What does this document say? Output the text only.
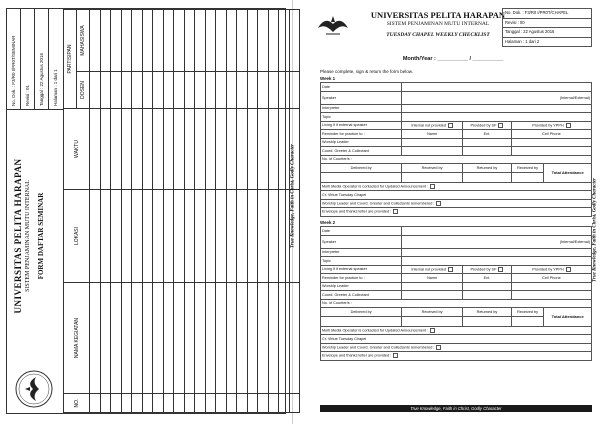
UNIVERSITAS PELITA HARAPAN SISTEM PENJAMINAN MUTU INTERNAL FORM DAFTAR SEMINAR
No. Dok. : F3/R0 I/PR0T/SEMINAR	Revisi : 01	Tanggal : 22 Agustus 2016	Halaman : 1 dari 1
NO.	NAMA KEGIATAN	LOKASI	WAKTU	PARTISIPAN	
				DOSEN	MAHASISWA

True Knowledge, Faith in Christ, Godly Character
UNIVERSITAS PELITA HARAPAN
SISTEM PENJAMINAN MUTU INTERNAL
TUESDAY CHAPEL WEEKLY CHECKLIST
No. Dok. : F3/R0 I/PR0T/CHAPEL
Revisi : 00
Tanggal : 22 Agustus 2016
Halaman : 1 dari 2
Month/Year : __________ / __________
Please complete, sign & return the form below.
Week 1
Date				
Speaker	(Internal/External)			
Interpreter				
Topic				
Living if if external speaker	Internal not provided	Provided by SF	Provided by YPPH	
Reminder for practice to :	Name	Ext.	Cell Phone	
Worship Leader				
Coord. Greeter & Collectant				
No. of Counter/s :				
Delivered by	Received by	Returned by	Received by	Total Attendance

Multi Media Operator is contacted for Updated Announcement :				
Cr. Virtue Tuesday Chapel				
Worship Leader and Coord. Greeter and Collectants remembered :				
Envelope and thanks letter are provided :				
Week 2
Date				
Speaker	(Internal/External)			
Interpreter				
Topic				
Living if if external speaker	Internal not provided	Provided by SF	Provided by YPPH	
Reminder for practice to :	Name	Ext.	Cell Phone	
Worship Leader				
Coord. Greeter & Collectant				
No. of Counter/s :				
Delivered by	Received by	Returned by	Received by	Total Attendance

Multi Media Operator is contacted for Updated Announcement :				
Cr. Virtue Tuesday Chapel				
Worship Leader and Coord. Greeter and Collectants remembered :				
Envelope and thanks letter are provided :				
True Knowledge, Faith in Christ, Godly Character
True Knowledge, Faith in Christ, Godly Character
